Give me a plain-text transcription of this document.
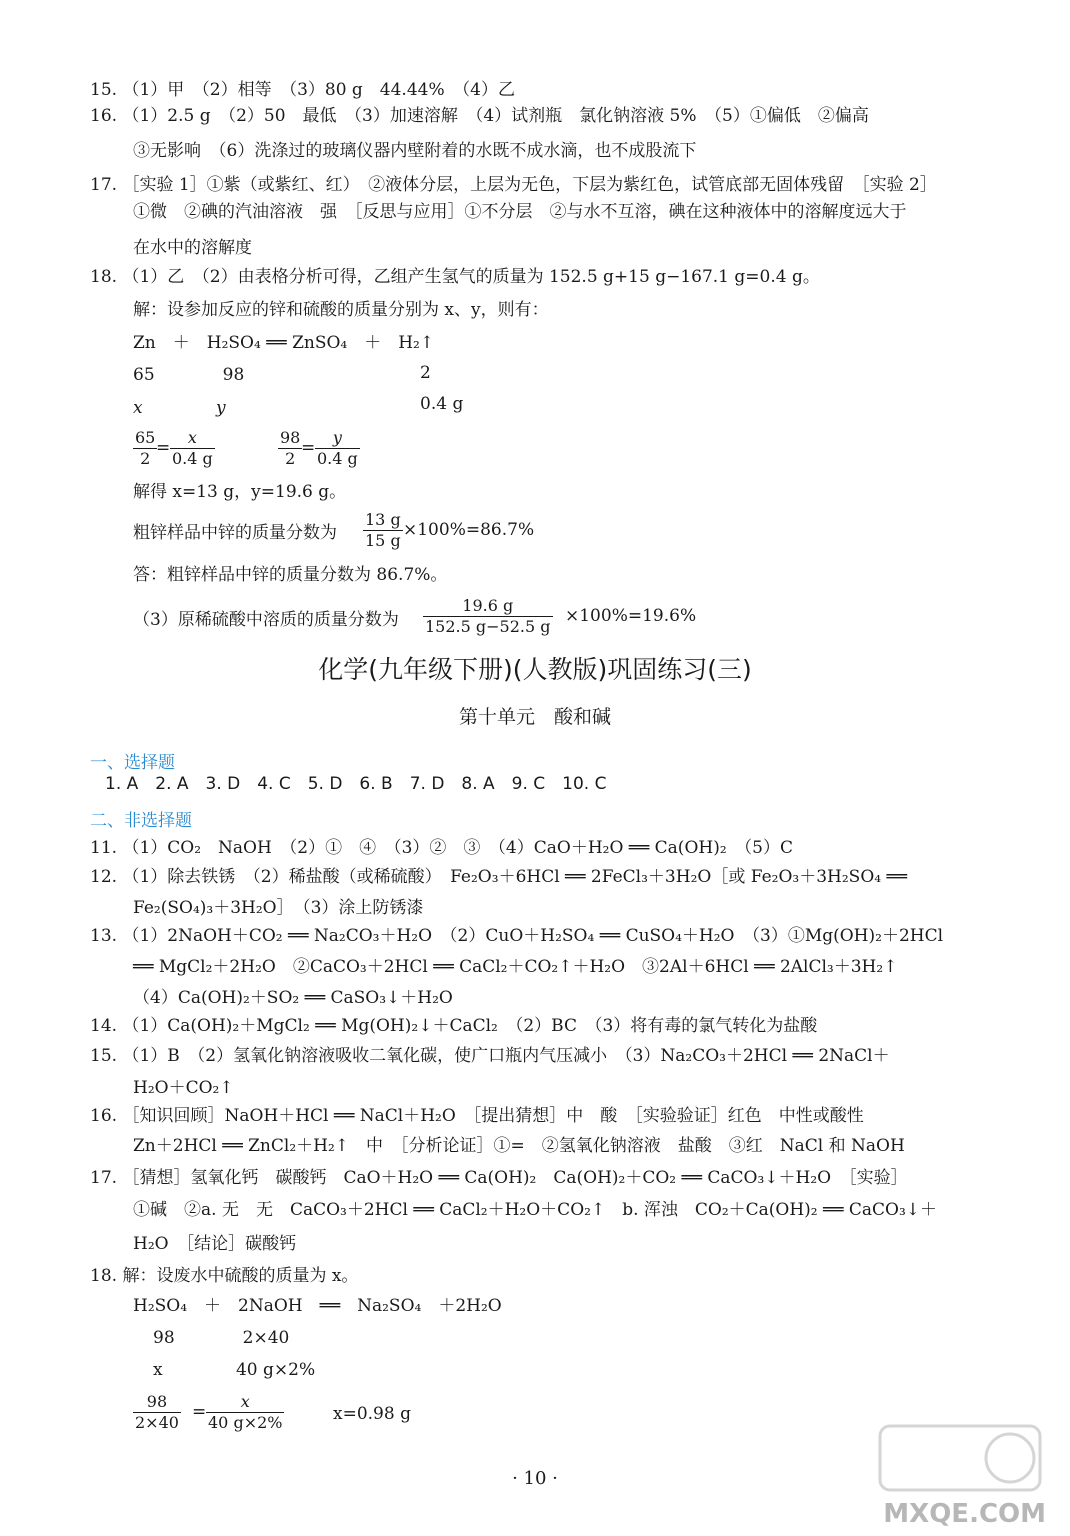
15. （1）甲　（2）相等　（3）80 g　44.44%　（4）乙
16. （1）2.5 g　（2）50　最低　（3）加速溶解　（4）试剂瓶　氯化钠溶液 5%　（5）①偏低　②偏高
③无影响　（6）洗涤过的玻璃仪器内壁附着的水既不成水滴，也不成股流下
17. ［实验 1］①紫（或紫红、红）　②液体分层，上层为无色，下层为紫红色，试管底部无固体残留　［实验 2］
①微　②碘的汽油溶液　强　［反思与应用］①不分层　②与水不互溶，碘在这种液体中的溶解度远大于
在水中的溶解度
18. （1）乙　（2）由表格分析可得，乙组产生氢气的质量为 152.5 g+15 g−167.1 g=0.4 g。
解：设参加反应的锌和硫酸的质量分别为 x、y，则有：
Zn　＋　H₂SO₄ ══ ZnSO₄　＋　H₂↑
65　　　　98	2
x　　　　 y	0.4 g
$\frac{65}{2}$
= $\frac{x}{0.4 g}$	$\frac{98}{2}$
= $\frac{y}{0.4 g}$
解得 x=13 g，y=19.6 g。
粗锌样品中锌的质量分数为 $\frac{13 g}{15 g} \times 100\%=86.7\%$
答：粗锌样品中锌的质量分数为 86.7%。
（3）原稀硫酸中溶质的质量分数为 $\frac{19.6 g}{152.5 g-52.5 g} \times 100\%=19.6\%$
化学(九年级下册)(人教版)巩固练习(三)
第十单元　酸和碱
一、选择题
1. A　2. A　3. D　4. C　5. D　6. B　7. D　8. A　9. C　10. C
二、非选择题
11. （1）CO₂　NaOH　（2）①　④　（3）②　③　（4）CaO＋H₂O ══ Ca(OH)₂　（5）C
12. （1）除去铁锈　（2）稀盐酸（或稀硫酸）　Fe₂O₃＋6HCl ══ 2FeCl₃＋3H₂O［或 Fe₂O₃＋3H₂SO₄ ══
Fe₂(SO₄)₃＋3H₂O］　（3）涂上防锈漆
13. （1）2NaOH＋CO₂ ══ Na₂CO₃＋H₂O　（2）CuO＋H₂SO₄ ══ CuSO₄＋H₂O　（3）①Mg(OH)₂＋2HCl
══ MgCl₂＋2H₂O　②CaCO₃＋2HCl ══ CaCl₂＋CO₂↑＋H₂O　③2Al＋6HCl ══ 2AlCl₃＋3H₂↑
（4）Ca(OH)₂＋SO₂ ══ CaSO₃↓＋H₂O
14. （1）Ca(OH)₂＋MgCl₂ ══ Mg(OH)₂↓＋CaCl₂　（2）BC　（3）将有毒的氯气转化为盐酸
15. （1）B　（2）氢氧化钠溶液吸收二氧化碳，使广口瓶内气压减小　（3）Na₂CO₃＋2HCl ══ 2NaCl＋
H₂O＋CO₂↑
16. ［知识回顾］NaOH＋HCl ══ NaCl＋H₂O　［提出猜想］中　酸　［实验验证］红色　中性或酸性
Zn＋2HCl ══ ZnCl₂＋H₂↑　中　［分析论证］①=　②氢氧化钠溶液　盐酸　③红　NaCl 和 NaOH
17. ［猜想］氢氧化钙　碳酸钙　CaO＋H₂O ══ Ca(OH)₂　Ca(OH)₂＋CO₂ ══ CaCO₃↓＋H₂O　［实验］
①碱　②a. 无　无　CaCO₃＋2HCl ══ CaCl₂＋H₂O＋CO₂↑　b. 浑浊　CO₂＋Ca(OH)₂ ══ CaCO₃↓＋
H₂O　［结论］碳酸钙
18. 解：设废水中硫酸的质量为 x。
H₂SO₄　＋　2NaOH　══　Na₂SO₄　＋2H₂O
98　　　　2×40
x　　　　 40 g×2%
$\frac{98}{2\times 40} = \frac{x}{40 g\times 2\%}$	x=0.98 g
· 10 ·
MXQE.COM
